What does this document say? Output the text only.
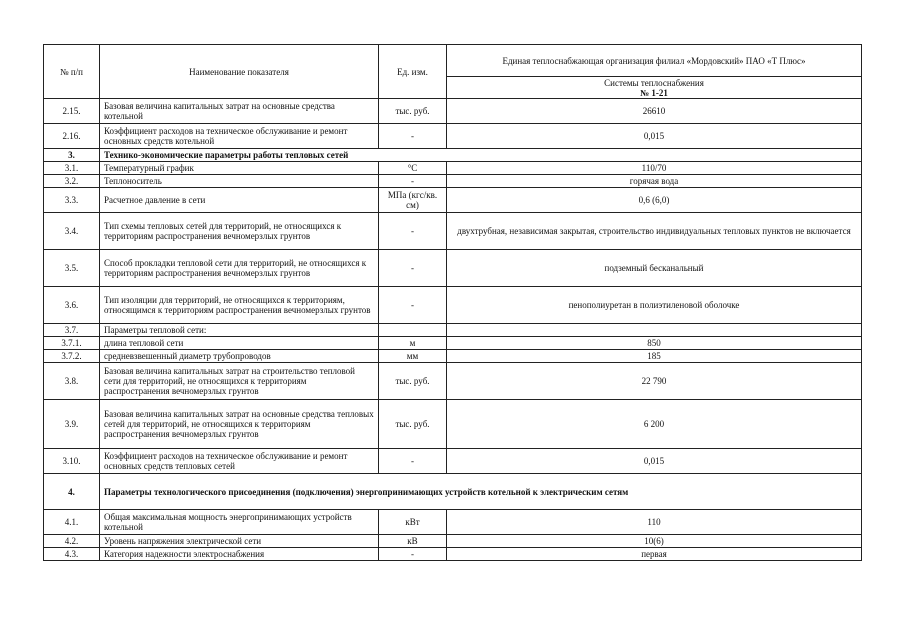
№ п/п	Наименование показателя	Ед. изм.	Единая теплоснабжающая организация филиал «Мордовский» ПАО «Т Плюс»
			Системы теплоснабжения
№ 1-21

2.15.	Базовая величина капитальных затрат на основные средства котельной	тыс. руб.	26610
2.16.	Коэффициент расходов на техническое обслуживание и ремонт основных средств котельной	-	0,015
3.	Технико-экономические параметры работы тепловых сетей		
3.1.	Температурный график	°С	110/70
3.2.	Теплоноситель	-	горячая вода
3.3.	Расчетное давление в сети	МПа (кгс/кв. см)	0,6 (6,0)
3.4.	Тип схемы тепловых сетей для территорий, не относящихся к территориям распространения вечномерзлых грунтов	-	двухтрубная, независимая закрытая, строительство индивидуальных тепловых пунктов не включается
3.5.	Способ прокладки тепловой сети для территорий, не относящихся к территориям распространения вечномерзлых грунтов	-	подземный бесканальный
3.6.	Тип изоляции для территорий, не относящихся к территориям, относящимся к территориям распространения вечномерзлых грунтов	-	пенополиуретан в полиэтиленовой оболочке
3.7.	Параметры тепловой сети:		
3.7.1.	длина тепловой сети	м	850
3.7.2.	средневзвешенный диаметр трубопроводов	мм	185
3.8.	Базовая величина капитальных затрат на строительство тепловой сети для территорий, не относящихся к территориям распространения вечномерзлых грунтов	тыс. руб.	22 790
3.9.	Базовая величина капитальных затрат на основные средства тепловых сетей для территорий, не относящихся к территориям распространения вечномерзлых грунтов	тыс. руб.	6 200
3.10.	Коэффициент расходов на техническое обслуживание и ремонт основных средств тепловых сетей	-	0,015
4.	Параметры технологического присоединения (подключения) энергопринимающих устройств котельной к электрическим сетям		
4.1.	Общая максимальная мощность энергопринимающих устройств котельной	кВт	110
4.2.	Уровень напряжения электрической сети	кВ	10(6)
4.3.	Категория надежности электроснабжения	-	первая
